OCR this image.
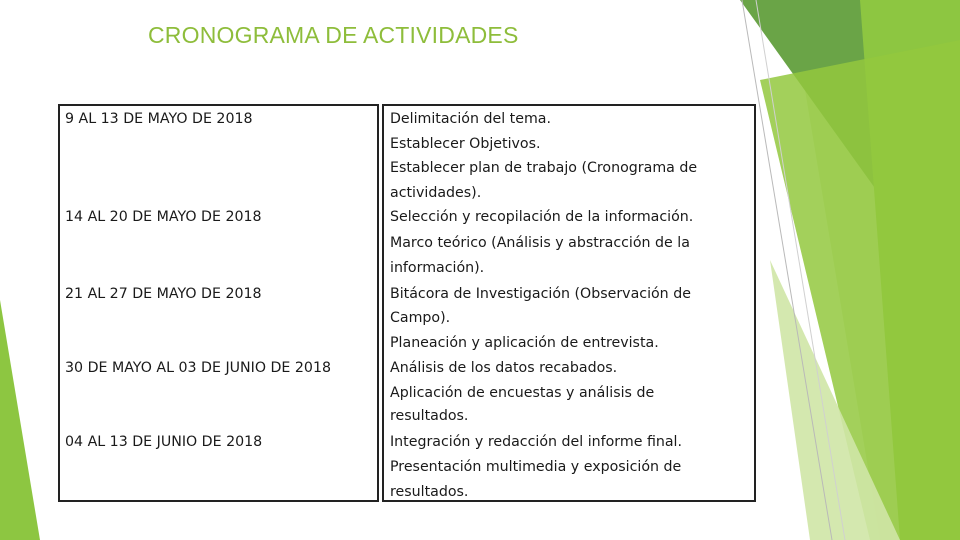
CRONOGRAMA DE ACTIVIDADES
9 AL 13 DE MAYO DE 2018
14 AL 20 DE MAYO DE 2018
21 AL 27 DE MAYO DE 2018
30 DE MAYO AL 03 DE JUNIO DE 2018
04 AL 13 DE JUNIO DE 2018
Delimitación del tema.
Establecer Objetivos.
Establecer plan de trabajo (Cronograma de
actividades).
Selección y recopilación de la información.
Marco teórico (Análisis y abstracción de la
información).
Bitácora de Investigación (Observación de
Campo).
Planeación y aplicación de entrevista.
Análisis de los datos recabados.
Aplicación de encuestas y análisis de
resultados.
Integración y redacción del informe final.
Presentación multimedia y exposición de
resultados.
